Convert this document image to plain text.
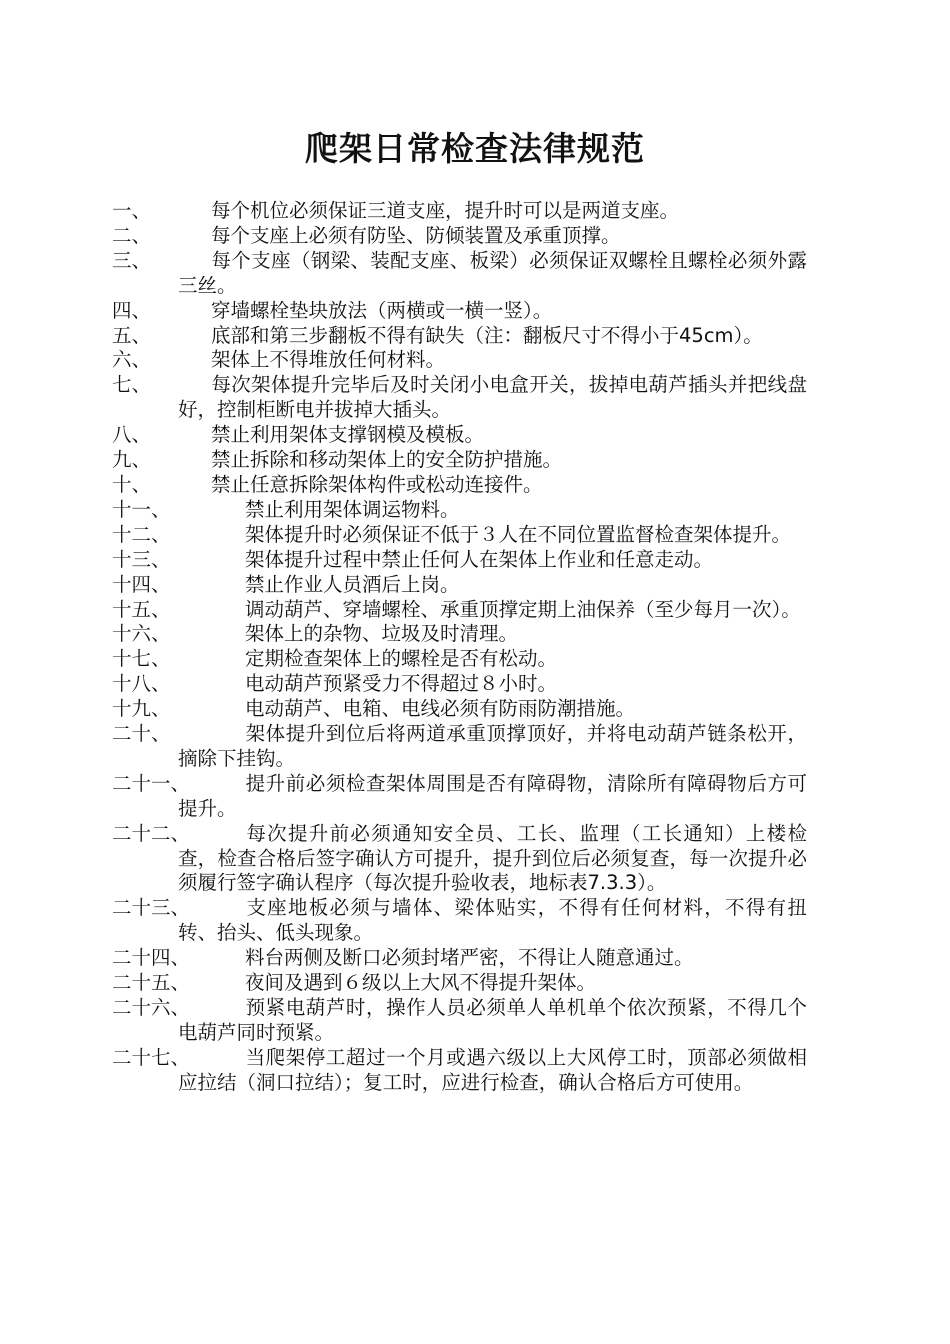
爬架日常检查法律规范
一、	每个机位必须保证三道支座，提升时可以是两道支座。
二、	每个支座上必须有防坠、防倾装置及承重顶撑。
三、	每个支座（钢梁、装配支座、板梁）必须保证双螺栓且螺栓必须外露三丝。
四、	穿墙螺栓垫块放法（两横或一横一竖）。
五、	底部和第三步翻板不得有缺失（注：翻板尺寸不得小于45cm）。
六、	架体上不得堆放任何材料。
七、	每次架体提升完毕后及时关闭小电盒开关，拔掉电葫芦插头并把线盘好，控制柜断电并拔掉大插头。
八、	禁止利用架体支撑钢模及模板。
九、	禁止拆除和移动架体上的安全防护措施。
十、	禁止任意拆除架体构件或松动连接件。
十一、	禁止利用架体调运物料。
十二、	架体提升时必须保证不低于３人在不同位置监督检查架体提升。
十三、	架体提升过程中禁止任何人在架体上作业和任意走动。
十四、	禁止作业人员酒后上岗。
十五、	调动葫芦、穿墙螺栓、承重顶撑定期上油保养（至少每月一次）。
十六、	架体上的杂物、垃圾及时清理。
十七、	定期检查架体上的螺栓是否有松动。
十八、	电动葫芦预紧受力不得超过８小时。
十九、	电动葫芦、电箱、电线必须有防雨防潮措施。
二十、	架体提升到位后将两道承重顶撑顶好，并将电动葫芦链条松开，摘除下挂钩。
二十一、	提升前必须检查架体周围是否有障碍物，清除所有障碍物后方可提升。
二十二、	每次提升前必须通知安全员、工长、监理（工长通知）上楼检查，检查合格后签字确认方可提升，提升到位后必须复查，每一次提升必须履行签字确认程序（每次提升验收表，地标表7.3.3）。
二十三、	支座地板必须与墙体、梁体贴实，不得有任何材料，不得有扭转、抬头、低头现象。
二十四、	料台两侧及断口必须封堵严密，不得让人随意通过。
二十五、	夜间及遇到６级以上大风不得提升架体。
二十六、	预紧电葫芦时，操作人员必须单人单机单个依次预紧，不得几个电葫芦同时预紧。
二十七、	当爬架停工超过一个月或遇六级以上大风停工时，顶部必须做相应拉结（洞口拉结）；复工时，应进行检查，确认合格后方可使用。
